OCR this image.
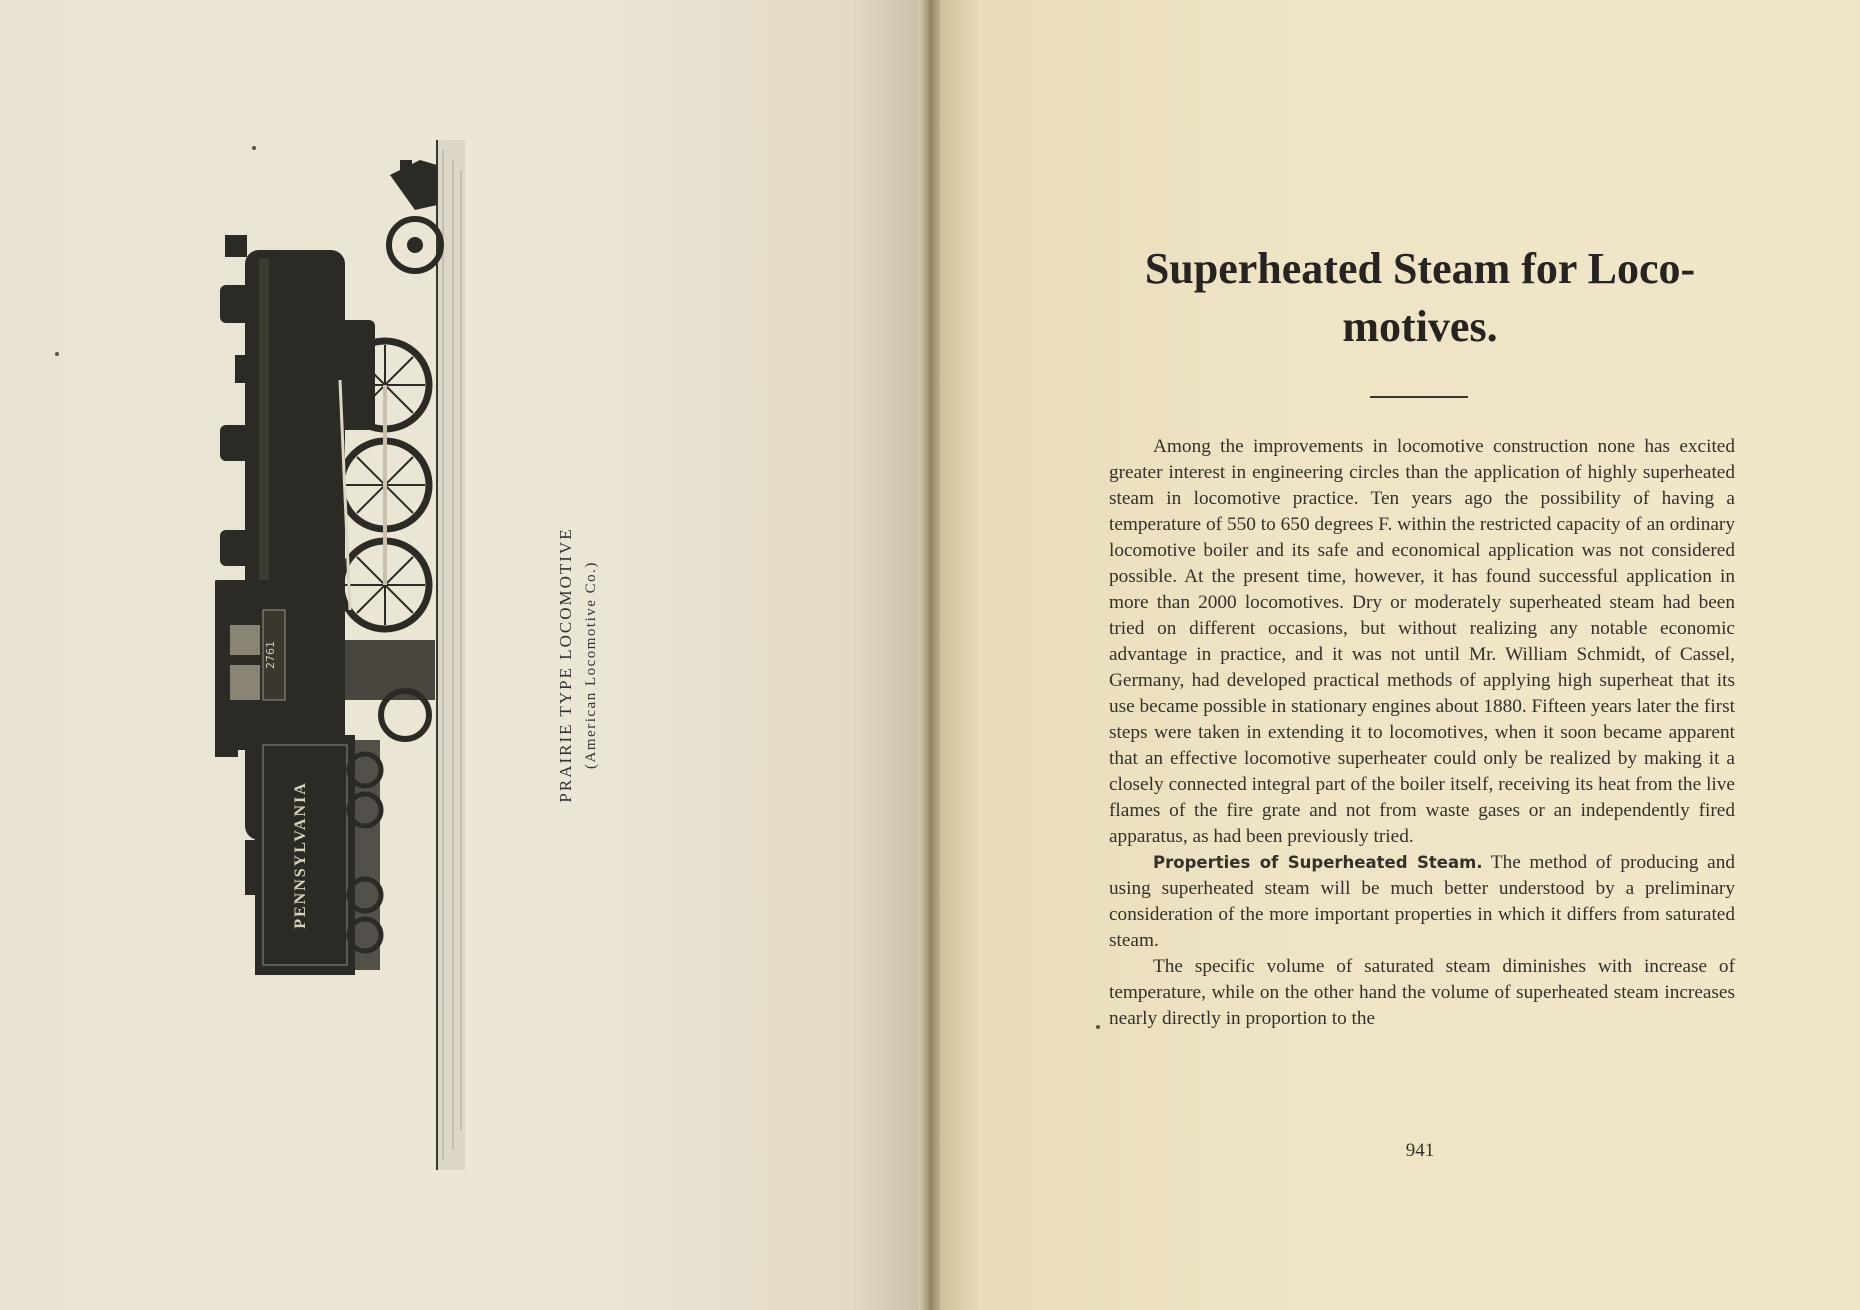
2761
PENNSYLVANIA
PRAIRIE TYPE LOCOMOTIVE (American Locomotive Co.)
Superheated Steam for Loco-
motives.

Among the improvements in locomotive construction none has excited greater interest in engineering circles than the application of highly superheated steam in locomotive practice. Ten years ago the possibility of having a temperature of 550 to 650 degrees F. within the restricted capacity of an ordinary locomotive boiler and its safe and economical application was not considered possible. At the present time, however, it has found successful application in more than 2000 locomotives. Dry or moderately superheated steam had been tried on different occasions, but without realizing any notable economic advantage in practice, and it was not until Mr. William Schmidt, of Cassel, Germany, had developed practical methods of applying high superheat that its use became possible in stationary engines about 1880. Fifteen years later the first steps were taken in extending it to locomotives, when it soon became apparent that an effective locomotive superheater could only be realized by making it a closely connected integral part of the boiler itself, receiving its heat from the live flames of the fire grate and not from waste gases or an independently fired apparatus, as had been previously tried.

Properties of Superheated Steam. The method of producing and using superheated steam will be much better understood by a preliminary consideration of the more important properties in which it differs from saturated steam.

The specific volume of saturated steam diminishes with increase of temperature, while on the other hand the volume of superheated steam increases nearly directly in proportion to the

941
